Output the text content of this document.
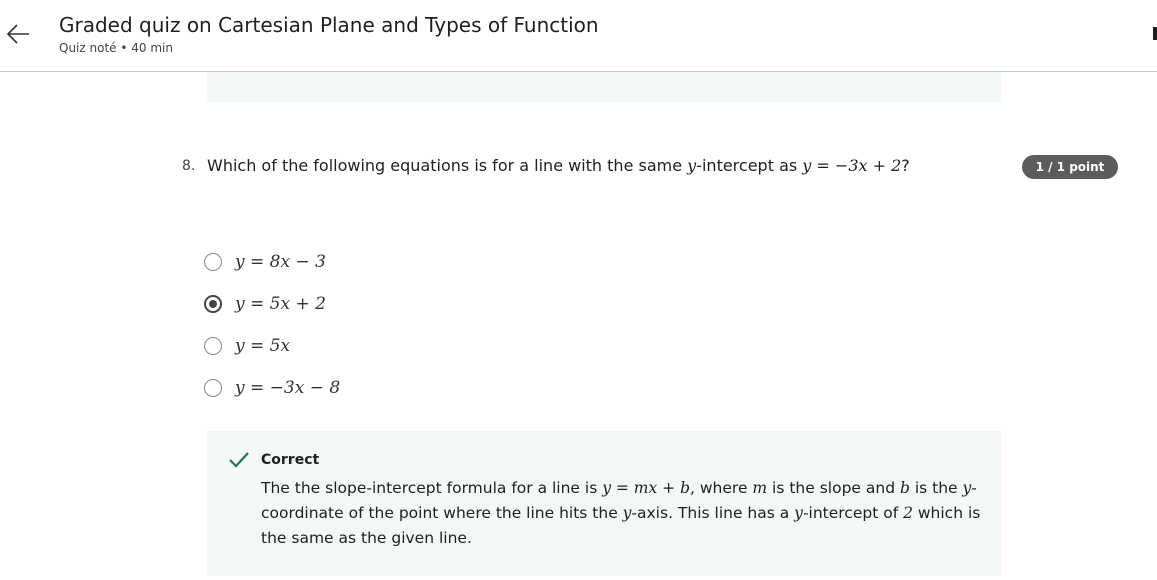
Graded quiz on Cartesian Plane and Types of Function
Quiz noté • 40 min
8. Which of the following equations is for a line with the same y-intercept as y = −3x + 2?	1 / 1 point
y = 8x − 3
y = 5x + 2
y = 5x
y = −3x − 8
Correct
The the slope-intercept formula for a line is y = mx + b, where m is the slope and b is the y-coordinate of the point where the line hits the y-axis. This line has a y-intercept of 2 which is the same as the given line.
